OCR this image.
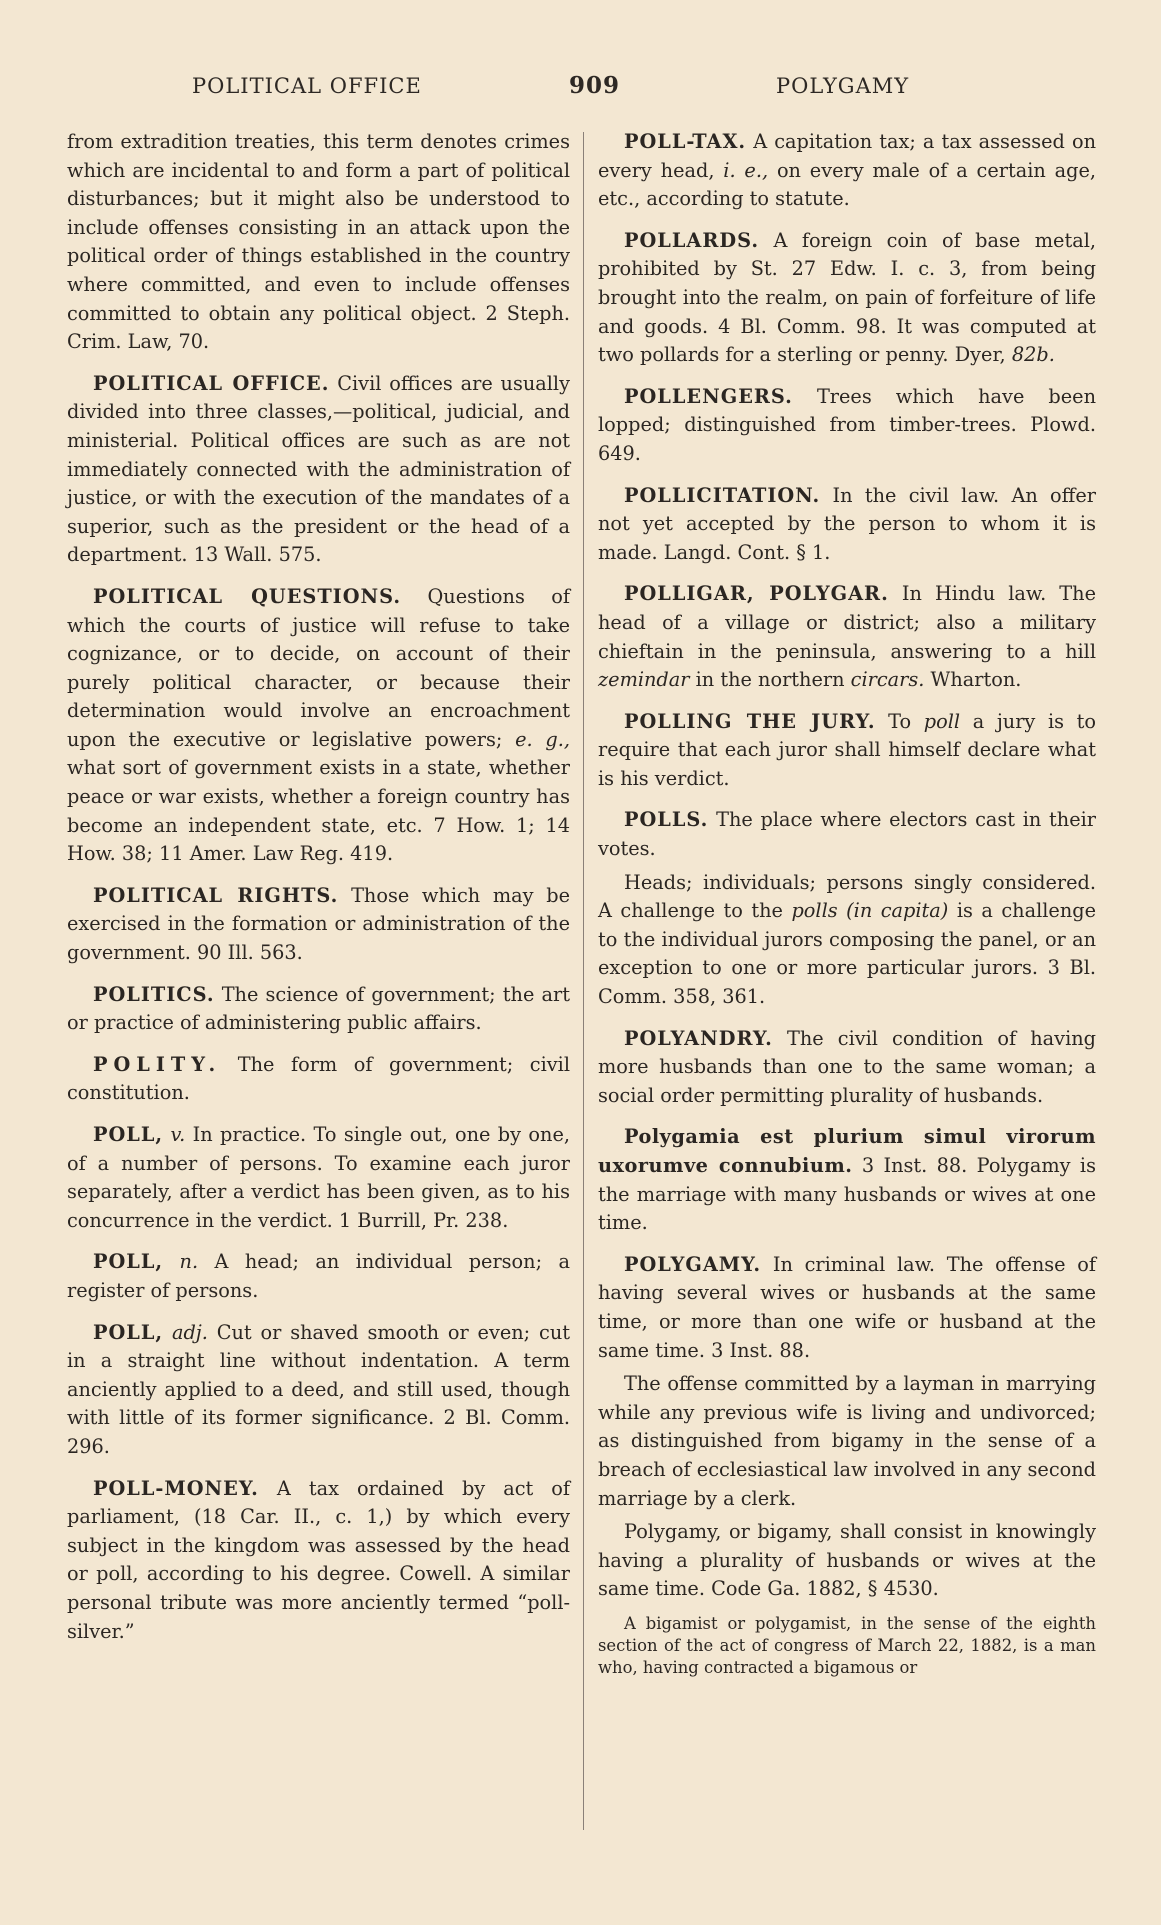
POLITICAL OFFICE	909	POLYGAMY

from extradition treaties, this term denotes crimes which are incidental to and form a part of political disturbances; but it might also be understood to include offenses consisting in an attack upon the political order of things established in the country where committed, and even to include offenses committed to obtain any political object. 2 Steph. Crim. Law, 70.

POLITICAL OFFICE. Civil offices are usually divided into three classes,—political, judicial, and ministerial. Political offices are such as are not immediately connected with the administration of justice, or with the execution of the mandates of a superior, such as the president or the head of a department. 13 Wall. 575.

POLITICAL QUESTIONS. Questions of which the courts of justice will refuse to take cognizance, or to decide, on account of their purely political character, or because their determination would involve an encroachment upon the executive or legislative powers; e. g., what sort of government exists in a state, whether peace or war exists, whether a foreign country has become an independent state, etc. 7 How. 1; 14 How. 38; 11 Amer. Law Reg. 419.

POLITICAL RIGHTS. Those which may be exercised in the formation or administration of the government. 90 Ill. 563.

POLITICS. The science of government; the art or practice of administering public affairs.

POLITY. The form of government; civil constitution.

POLL, v. In practice. To single out, one by one, of a number of persons. To examine each juror separately, after a verdict has been given, as to his concurrence in the verdict. 1 Burrill, Pr. 238.

POLL, n. A head; an individual person; a register of persons.

POLL, adj. Cut or shaved smooth or even; cut in a straight line without indentation. A term anciently applied to a deed, and still used, though with little of its former significance. 2 Bl. Comm. 296.

POLL-MONEY. A tax ordained by act of parliament, (18 Car. II., c. 1,) by which every subject in the kingdom was assessed by the head or poll, according to his degree. Cowell. A similar personal tribute was more anciently termed “poll-silver.”

POLL-TAX. A capitation tax; a tax assessed on every head, i. e., on every male of a certain age, etc., according to statute.

POLLARDS. A foreign coin of base metal, prohibited by St. 27 Edw. I. c. 3, from being brought into the realm, on pain of forfeiture of life and goods. 4 Bl. Comm. 98. It was computed at two pollards for a sterling or penny. Dyer, 82b.

POLLENGERS. Trees which have been lopped; distinguished from timber-trees. Plowd. 649.

POLLICITATION. In the civil law. An offer not yet accepted by the person to whom it is made. Langd. Cont. § 1.

POLLIGAR, POLYGAR. In Hindu law. The head of a village or district; also a military chieftain in the peninsula, answering to a hill zemindar in the northern circars. Wharton.

POLLING THE JURY. To poll a jury is to require that each juror shall himself declare what is his verdict.

POLLS. The place where electors cast in their votes.

Heads; individuals; persons singly considered. A challenge to the polls (in capita) is a challenge to the individual jurors composing the panel, or an exception to one or more particular jurors. 3 Bl. Comm. 358, 361.

POLYANDRY. The civil condition of having more husbands than one to the same woman; a social order permitting plurality of husbands.

Polygamia est plurium simul virorum uxorumve connubium. 3 Inst. 88. Polygamy is the marriage with many husbands or wives at one time.

POLYGAMY. In criminal law. The offense of having several wives or husbands at the same time, or more than one wife or husband at the same time. 3 Inst. 88.

The offense committed by a layman in marrying while any previous wife is living and undivorced; as distinguished from bigamy in the sense of a breach of ecclesiastical law involved in any second marriage by a clerk.

Polygamy, or bigamy, shall consist in knowingly having a plurality of husbands or wives at the same time. Code Ga. 1882, § 4530.

A bigamist or polygamist, in the sense of the eighth section of the act of congress of March 22, 1882, is a man who, having contracted a bigamous or
